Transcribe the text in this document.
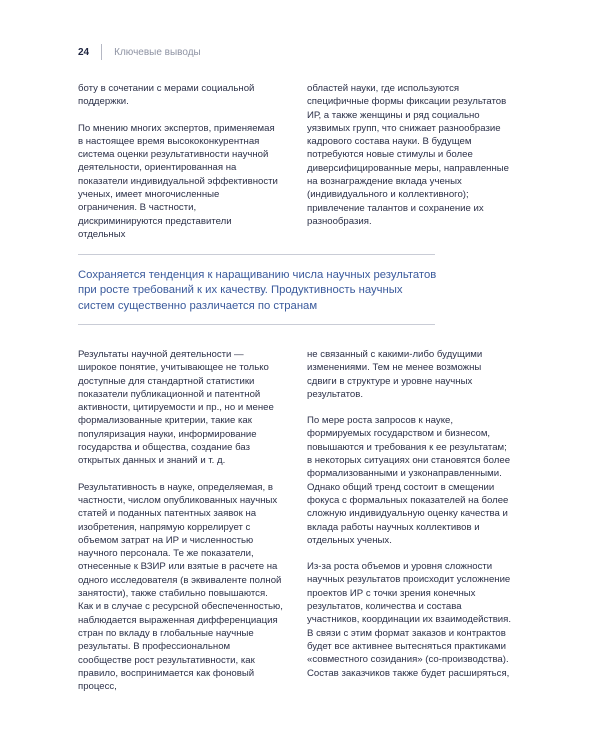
24	Ключевые выводы

боту в сочетании с мерами социальной поддержки.

По мнению многих экспертов, применяемая в настоящее время высококонкурентная система оценки результативности научной деятельности, ориентированная на показатели индивидуальной эффективности ученых, имеет многочисленные ограничения. В частности, дискриминируются представители отдельных

областей науки, где используются специфичные формы фиксации результатов ИР, а также женщины и ряд социально уязвимых групп, что снижает разнообразие кадрового состава науки. В будущем потребуются новые стимулы и более диверсифицированные меры, направленные на вознаграждение вклада ученых (индивидуального и коллективного); привлечение талантов и сохранение их разнообразия.

Сохраняется тенденция к наращиванию числа научных результатов при росте требований к их качеству. Продуктивность научных систем существенно различается по странам

Результаты научной деятельности — широкое понятие, учитывающее не только доступные для стандартной статистики показатели публикационной и патентной активности, цитируемости и пр., но и менее формализованные критерии, такие как популяризация науки, информирование государства и общества, создание баз открытых данных и знаний и т. д.

Результативность в науке, определяемая, в частности, числом опубликованных научных статей и поданных патентных заявок на изобретения, напрямую коррелирует с объемом затрат на ИР и численностью научного персонала. Те же показатели, отнесенные к ВЗИР или взятые в расчете на одного исследователя (в эквиваленте полной занятости), также стабильно повышаются. Как и в случае с ресурсной обеспеченностью, наблюдается выраженная дифференциация стран по вкладу в глобальные научные результаты. В профессиональном сообществе рост результативности, как правило, воспринимается как фоновый процесс,

не связанный с какими-либо будущими изменениями. Тем не менее возможны сдвиги в структуре и уровне научных результатов.

По мере роста запросов к науке, формируемых государством и бизнесом, повышаются и требования к ее результатам; в некоторых ситуациях они становятся более формализованными и узконаправленными. Однако общий тренд состоит в смещении фокуса с формальных показателей на более сложную индивидуальную оценку качества и вклада работы научных коллективов и отдельных ученых.

Из-за роста объемов и уровня сложности научных результатов происходит усложнение проектов ИР с точки зрения конечных результатов, количества и состава участников, координации их взаимодействия. В связи с этим формат заказов и контрактов будет все активнее вытесняться практиками «совместного созидания» (со-производства). Состав заказчиков также будет расширяться,
